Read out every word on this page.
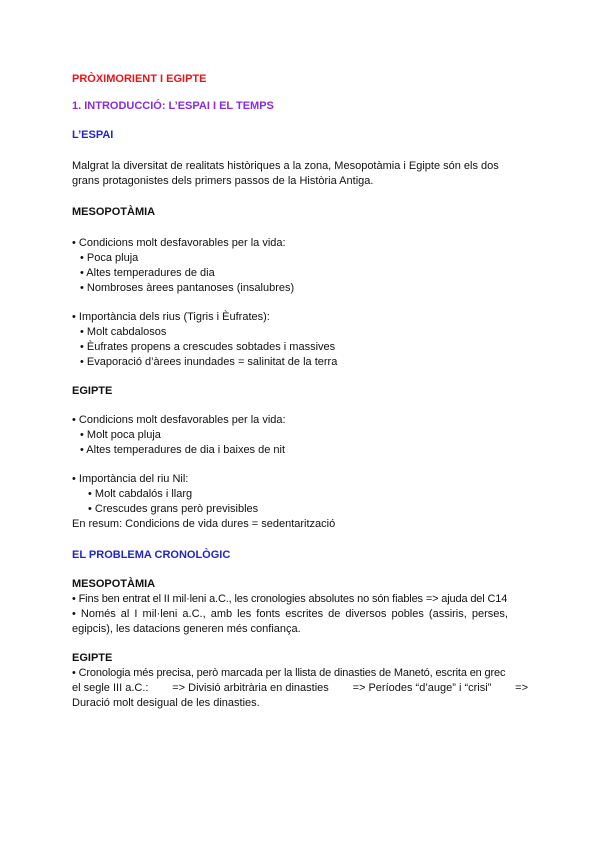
PRÒXIMORIENT I EGIPTE
1. INTRODUCCIÓ: L’ESPAI I EL TEMPS
L’ESPAI

Malgrat la diversitat de realitats històriques a la zona, Mesopotàmia i Egipte són els dos

grans protagonistes dels primers passos de la Història Antiga.

MESOPOTÀMIA

• Condicions molt desfavorables per la vida:

• Poca pluja

• Altes temperadures de dia

• Nombroses àrees pantanoses (insalubres)

• Importància dels rius (Tigris i Èufrates):

• Molt cabdalosos

• Èufrates propens a crescudes sobtades i massives

• Evaporació d’àrees inundades = salinitat de la terra

EGIPTE

• Condicions molt desfavorables per la vida:

• Molt poca pluja

• Altes temperadures de dia i baixes de nit

• Importància del riu Nil:

• Molt cabdalós i llarg

• Crescudes grans però previsibles

En resum: Condicions de vida dures = sedentarització

EL PROBLEMA CRONOLÒGIC
MESOPOTÀMIA

• Fins ben entrat el II mil·leni a.C., les cronologies absolutes no són fiables => ajuda del C14

• Només al I mil·leni a.C., amb les fonts escrites de diversos pobles (assiris, perses,

egipcis), les datacions generen més confiança.

EGIPTE

• Cronologia més precisa, però marcada per la llista de dinasties de Manetó, escrita en grec

el segle III a.C.: => Divisió arbitrària en dinasties => Períodes “d’auge” i “crisi” =>

Duració molt desigual de les dinasties.
